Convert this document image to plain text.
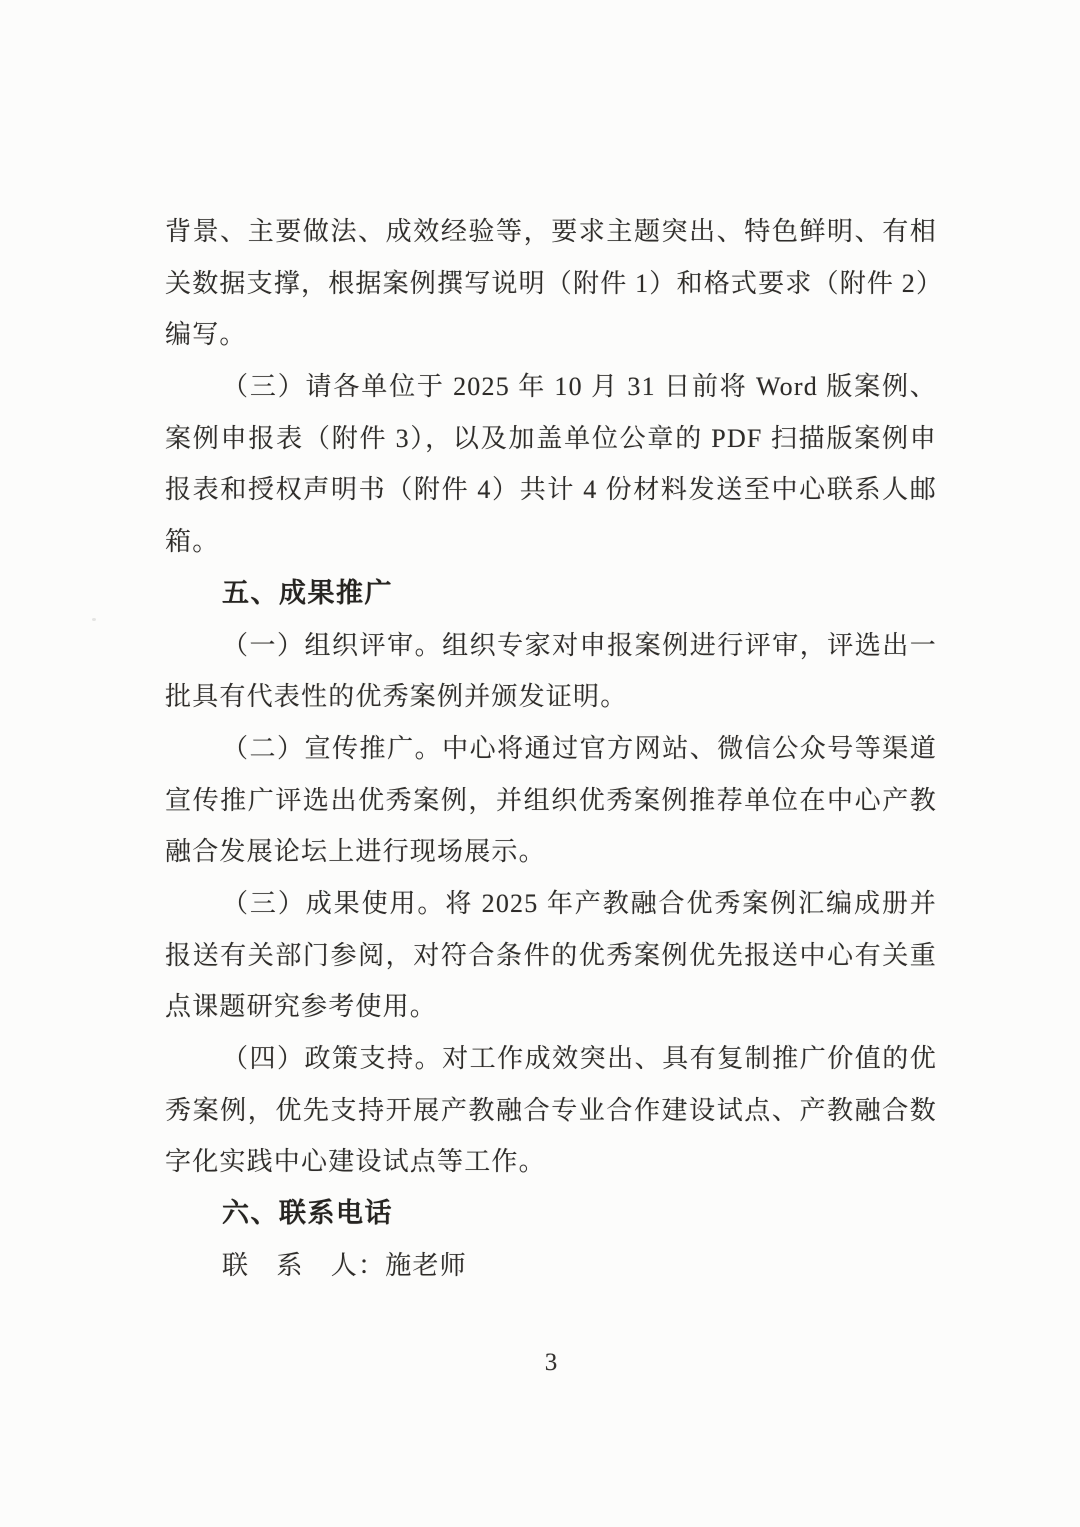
背景、主要做法、成效经验等，要求主题突出、特色鲜明、有相
关数据支撑，根据案例撰写说明（附件 1）和格式要求（附件 2）
编写。
（三）请各单位于 2025 年 10 月 31 日前将 Word 版案例、
案例申报表（附件 3），以及加盖单位公章的 PDF 扫描版案例申
报表和授权声明书（附件 4）共计 4 份材料发送至中心联系人邮
箱。
五、成果推广
（一）组织评审。组织专家对申报案例进行评审，评选出一
批具有代表性的优秀案例并颁发证明。
（二）宣传推广。中心将通过官方网站、微信公众号等渠道
宣传推广评选出优秀案例，并组织优秀案例推荐单位在中心产教
融合发展论坛上进行现场展示。
（三）成果使用。将 2025 年产教融合优秀案例汇编成册并
报送有关部门参阅，对符合条件的优秀案例优先报送中心有关重
点课题研究参考使用。
（四）政策支持。对工作成效突出、具有复制推广价值的优
秀案例，优先支持开展产教融合专业合作建设试点、产教融合数
字化实践中心建设试点等工作。
六、联系电话
联　系　人：施老师
3
